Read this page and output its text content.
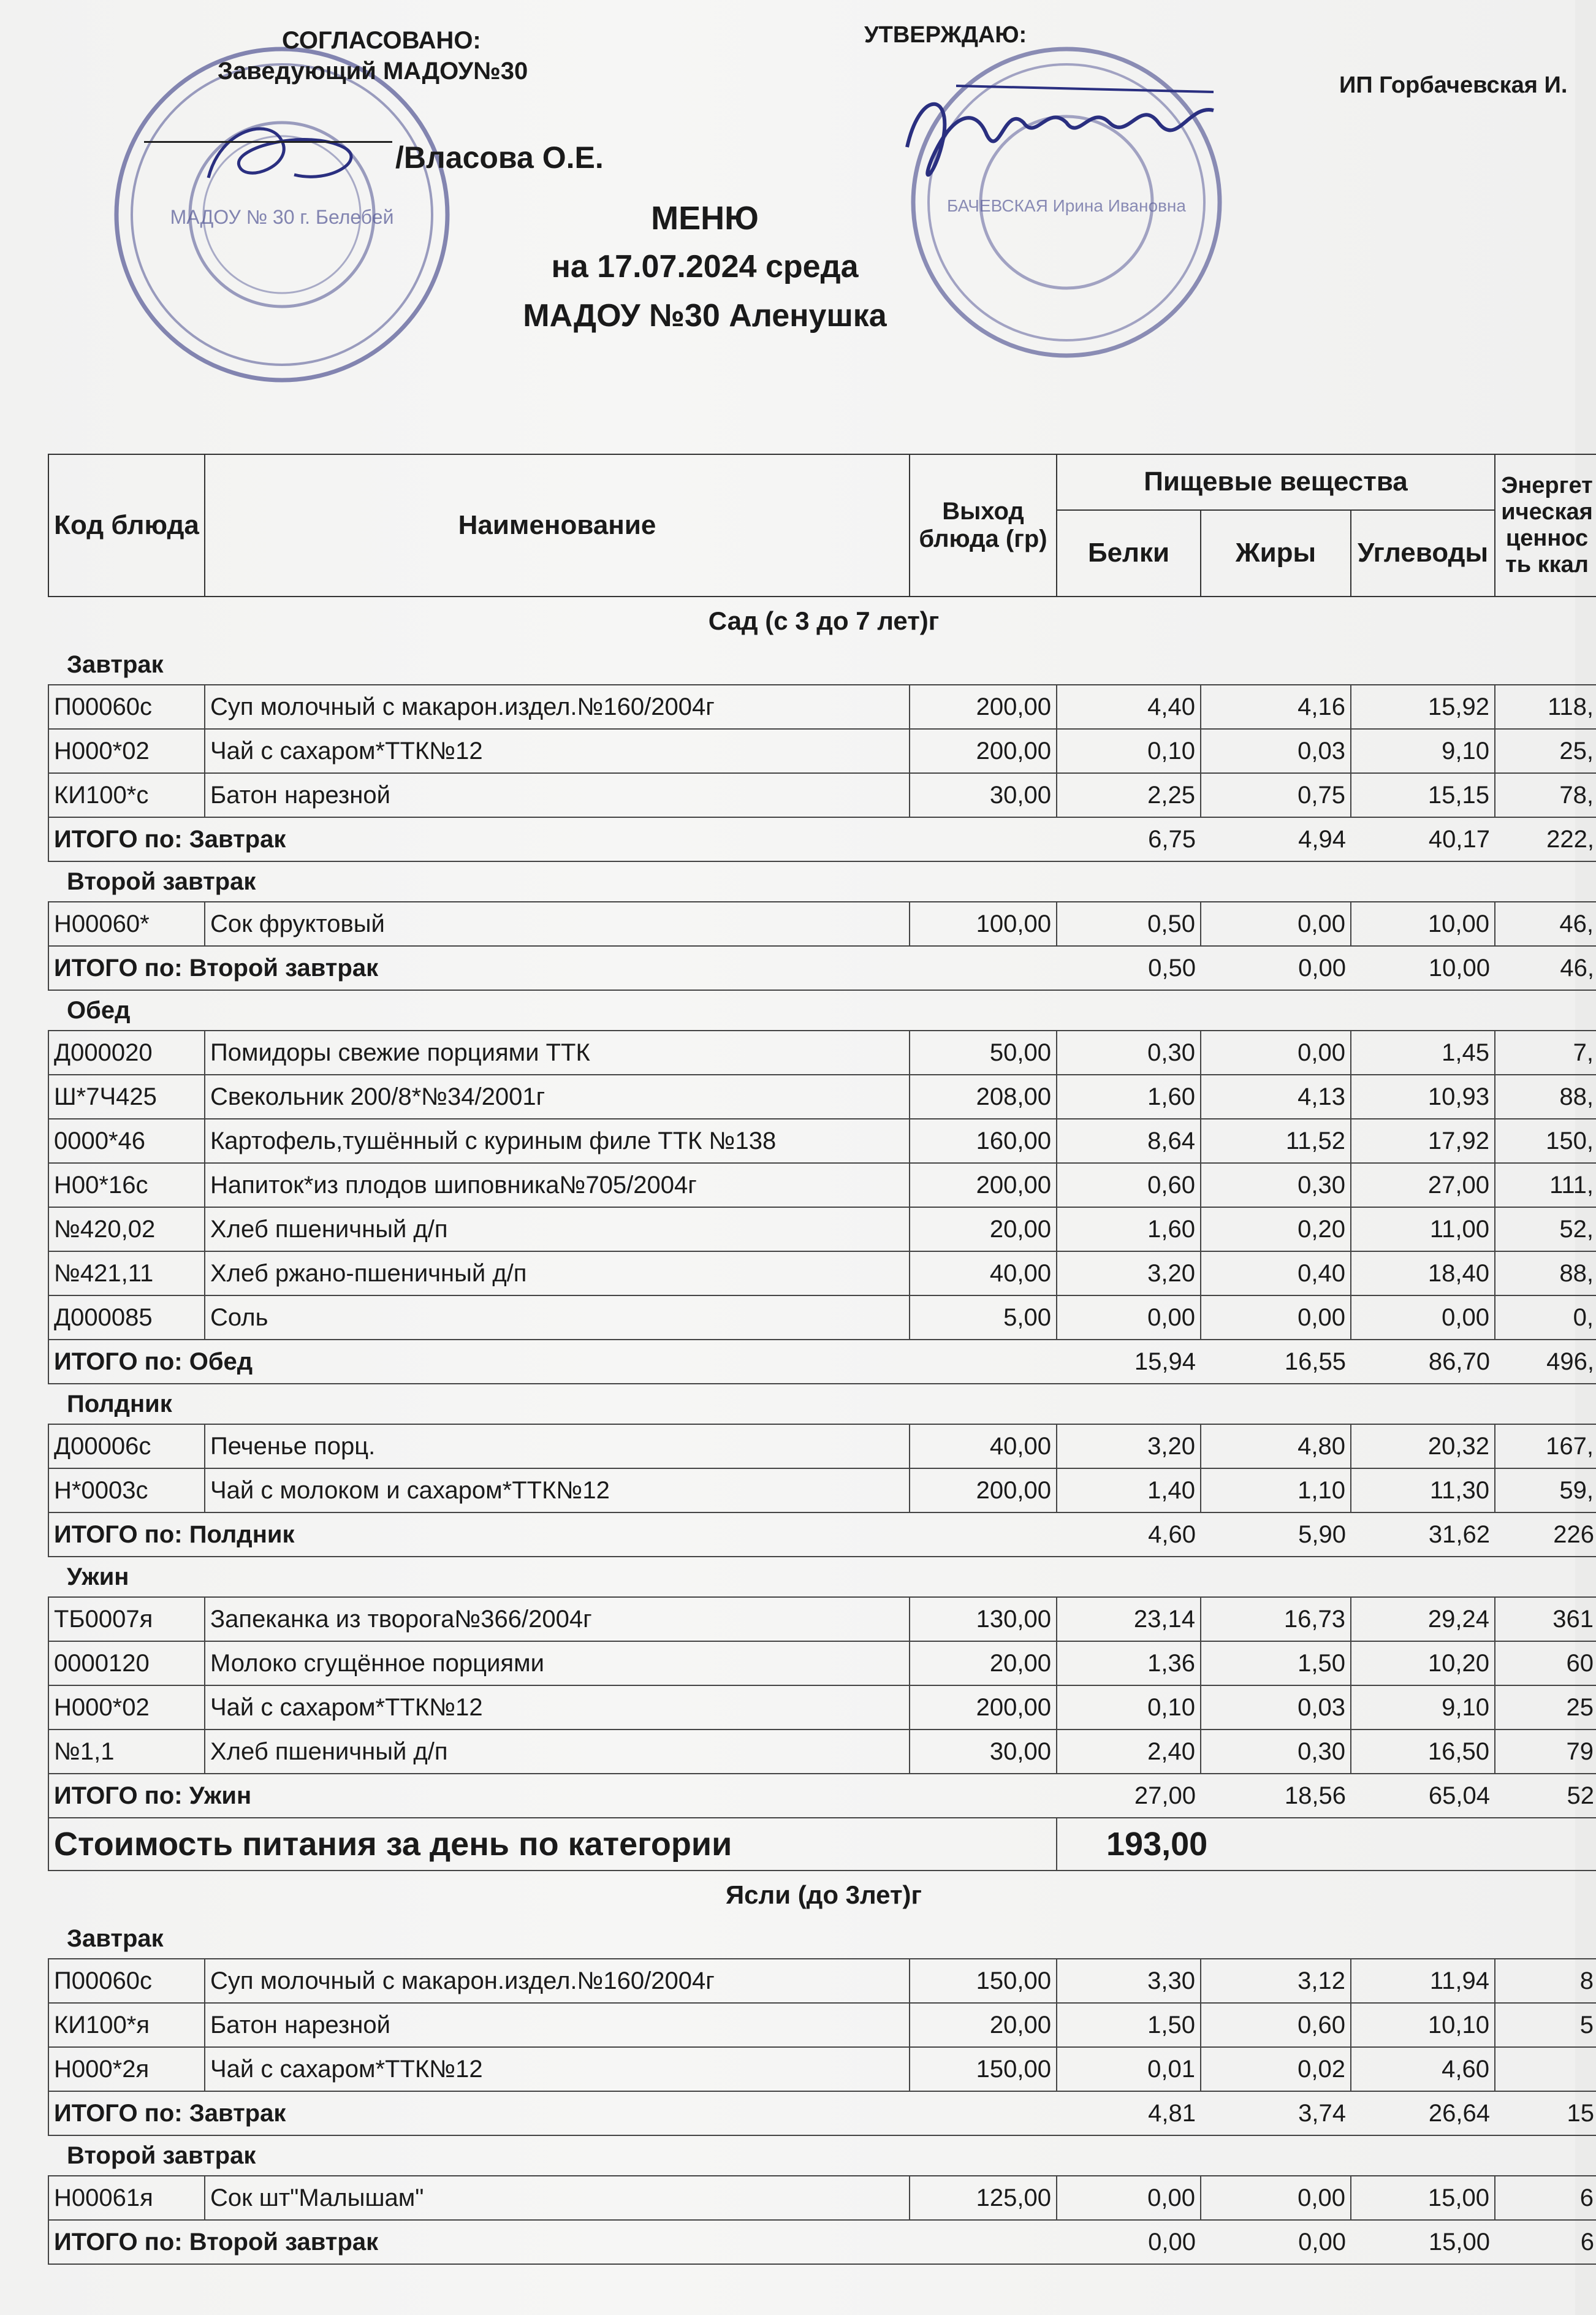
МАДОУ № 30 г. Белебей
БАЧЕВСКАЯ Ирина Ивановна
СОГЛАСОВАНО:
Заведующий МАДОУ№30
/Власова О.Е.
УТВЕРЖДАЮ:
ИП Горбачевская И.
МЕНЮ
на 17.07.2024 среда
МАДОУ №30 Аленушка
Код блюда	Наименование	Выход блюда (гр)	Пищевые вещества			Энергетическая ценность ккал
			Белки	Жиры	Углеводы	
Сад (с 3 до 7 лет)г						
Завтрак						
П00060с	Суп молочный с макарон.издел.№160/2004г	200,00	4,40	4,16	15,92	118,
Н000*02	Чай с сахаром*ТТК№12	200,00	0,10	0,03	9,10	25,
КИ100*с	Батон нарезной	30,00	2,25	0,75	15,15	78,
ИТОГО по: Завтрак			6,75	4,94	40,17	222,
Второй завтрак						
Н00060*	Сок фруктовый	100,00	0,50	0,00	10,00	46,
ИТОГО по: Второй завтрак			0,50	0,00	10,00	46,
Обед						
Д000020	Помидоры свежие порциями ТТК	50,00	0,30	0,00	1,45	7,
Ш*7Ч425	Свекольник 200/8*№34/2001г	208,00	1,60	4,13	10,93	88,
0000*46	Картофель,тушённый с куриным филе ТТК №138	160,00	8,64	11,52	17,92	150,
Н00*16с	Напиток*из плодов шиповника№705/2004г	200,00	0,60	0,30	27,00	111,
№420,02	Хлеб пшеничный д/п	20,00	1,60	0,20	11,00	52,
№421,11	Хлеб ржано-пшеничный д/п	40,00	3,20	0,40	18,40	88,
Д000085	Соль	5,00	0,00	0,00	0,00	0,
ИТОГО по: Обед			15,94	16,55	86,70	496,
Полдник						
Д00006с	Печенье порц.	40,00	3,20	4,80	20,32	167,
Н*0003с	Чай с молоком и сахаром*ТТК№12	200,00	1,40	1,10	11,30	59,
ИТОГО по: Полдник			4,60	5,90	31,62	226
Ужин						
ТБ0007я	Запеканка из творога№366/2004г	130,00	23,14	16,73	29,24	361
0000120	Молоко сгущённое порциями	20,00	1,36	1,50	10,20	60
Н000*02	Чай с сахаром*ТТК№12	200,00	0,10	0,03	9,10	25
№1,1	Хлеб пшеничный д/п	30,00	2,40	0,30	16,50	79
ИТОГО по: Ужин			27,00	18,56	65,04	52
Стоимость питания за день по категории			193,00			
Ясли (до 3лет)г						
Завтрак						
П00060с	Суп молочный с макарон.издел.№160/2004г	150,00	3,30	3,12	11,94	8
КИ100*я	Батон нарезной	20,00	1,50	0,60	10,10	5
Н000*2я	Чай с сахаром*ТТК№12	150,00	0,01	0,02	4,60	
ИТОГО по: Завтрак			4,81	3,74	26,64	15
Второй завтрак						
Н00061я	Сок шт"Малышам"	125,00	0,00	0,00	15,00	6
ИТОГО по: Второй завтрак			0,00	0,00	15,00	6
